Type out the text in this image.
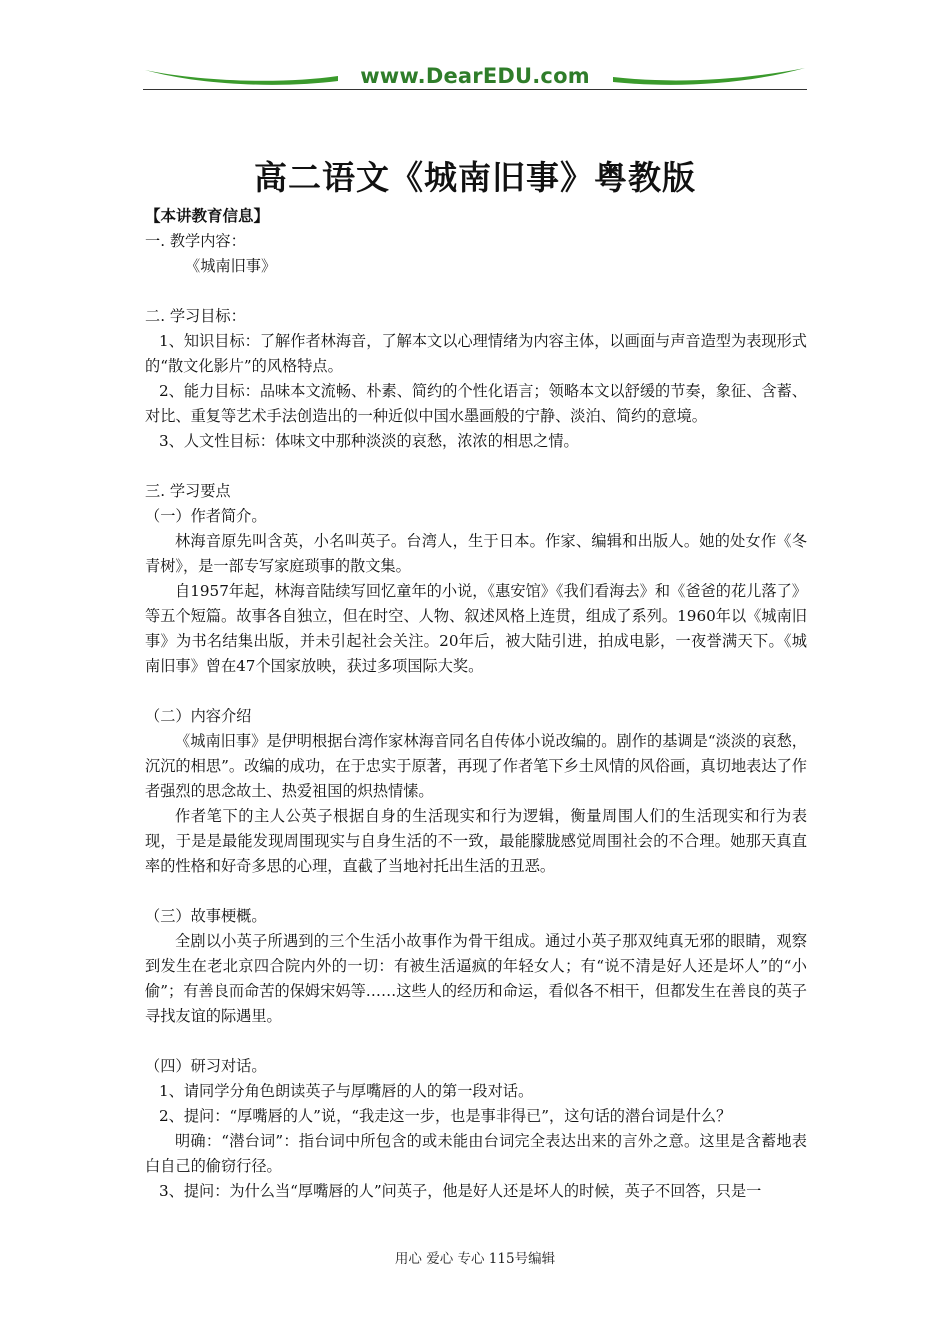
www.DearEDU.com
高二语文《城南旧事》粤教版

【本讲教育信息】

一. 教学内容：

《城南旧事》

二. 学习目标：

1、知识目标：了解作者林海音，了解本文以心理情绪为内容主体，以画面与声音造型为表现形式的“散文化影片”的风格特点。

2、能力目标：品味本文流畅、朴素、简约的个性化语言；领略本文以舒缓的节奏，象征、含蓄、对比、重复等艺术手法创造出的一种近似中国水墨画般的宁静、淡泊、简约的意境。

3、人文性目标：体味文中那种淡淡的哀愁，浓浓的相思之情。

三. 学习要点

（一）作者简介。

林海音原先叫含英，小名叫英子。台湾人，生于日本。作家、编辑和出版人。她的处女作《冬青树》，是一部专写家庭琐事的散文集。

自1957年起，林海音陆续写回忆童年的小说，《惠安馆》《我们看海去》和《爸爸的花儿落了》等五个短篇。故事各自独立，但在时空、人物、叙述风格上连贯，组成了系列。1960年以《城南旧事》为书名结集出版，并未引起社会关注。20年后，被大陆引进，拍成电影，一夜誉满天下。《城南旧事》曾在47个国家放映，获过多项国际大奖。

（二）内容介绍

《城南旧事》是伊明根据台湾作家林海音同名自传体小说改编的。剧作的基调是“淡淡的哀愁，沉沉的相思”。改编的成功，在于忠实于原著，再现了作者笔下乡土风情的风俗画，真切地表达了作者强烈的思念故土、热爱祖国的炽热情愫。

作者笔下的主人公英子根据自身的生活现实和行为逻辑，衡量周围人们的生活现实和行为表现，于是是最能发现周围现实与自身生活的不一致，最能朦胧感觉周围社会的不合理。她那天真直率的性格和好奇多思的心理，直截了当地衬托出生活的丑恶。

（三）故事梗概。

全剧以小英子所遇到的三个生活小故事作为骨干组成。通过小英子那双纯真无邪的眼睛，观察到发生在老北京四合院内外的一切：有被生活逼疯的年轻女人；有“说不清是好人还是坏人”的“小偷”；有善良而命苦的保姆宋妈等……这些人的经历和命运，看似各不相干，但都发生在善良的英子寻找友谊的际遇里。

（四）研习对话。

1、请同学分角色朗读英子与厚嘴唇的人的第一段对话。

2、提问：“厚嘴唇的人”说，“我走这一步，也是事非得已”，这句话的潜台词是什么？

明确：“潜台词”：指台词中所包含的或未能由台词完全表达出来的言外之意。这里是含蓄地表白自己的偷窃行径。

3、提问：为什么当“厚嘴唇的人”问英子，他是好人还是坏人的时候，英子不回答，只是一

用心 爱心 专心 115号编辑
